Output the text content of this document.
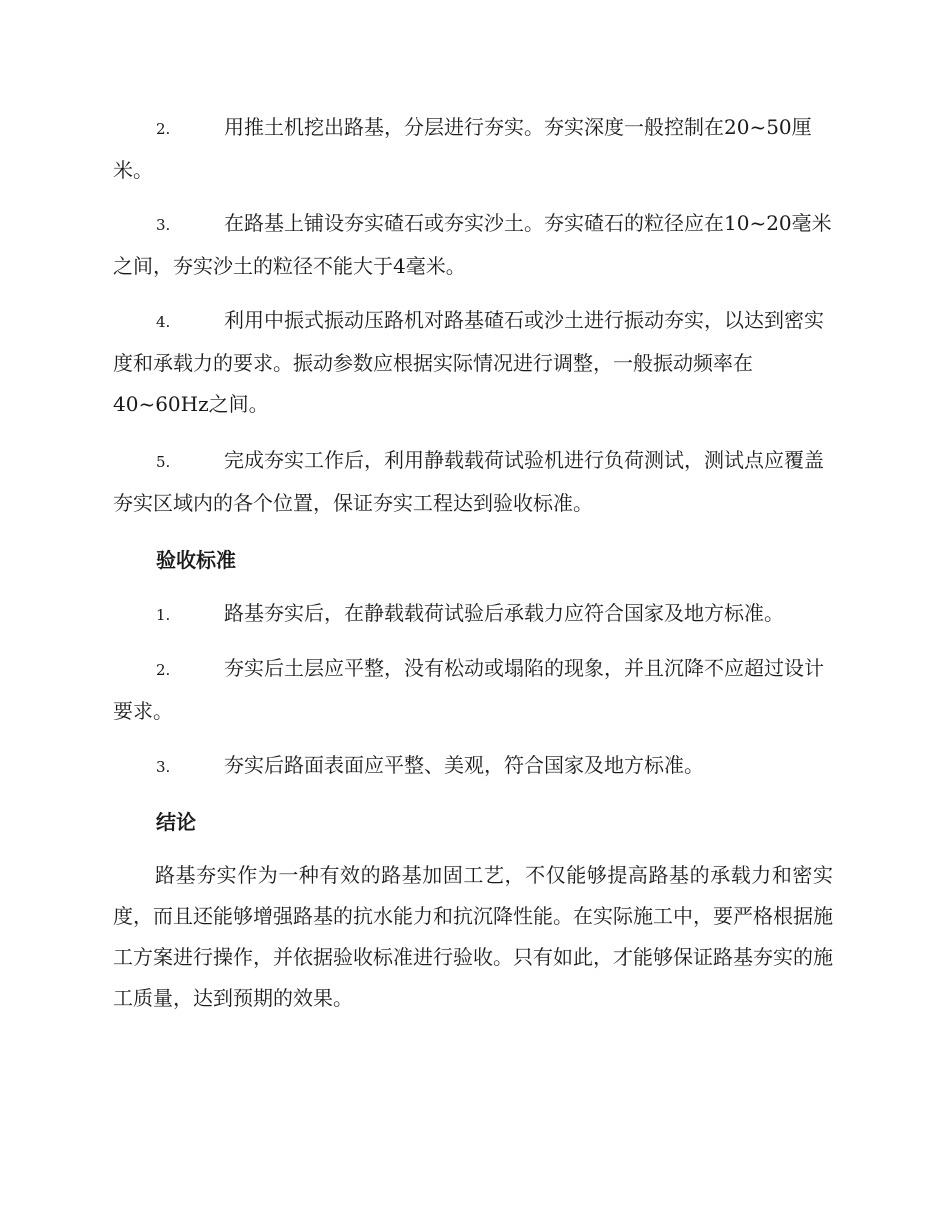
2.	用推土机挖出路基，分层进行夯实。夯实深度一般控制在20~50厘米。
3.	在路基上铺设夯实碴石或夯实沙土。夯实碴石的粒径应在10~20毫米之间，夯实沙土的粒径不能大于4毫米。
4.	利用中振式振动压路机对路基碴石或沙土进行振动夯实，以达到密实度和承载力的要求。振动参数应根据实际情况进行调整，一般振动频率在40~60Hz之间。
5.	完成夯实工作后，利用静载载荷试验机进行负荷测试，测试点应覆盖夯实区域内的各个位置，保证夯实工程达到验收标准。
验收标准
1.	路基夯实后，在静载载荷试验后承载力应符合国家及地方标准。
2.	夯实后土层应平整，没有松动或塌陷的现象，并且沉降不应超过设计要求。
3.	夯实后路面表面应平整、美观，符合国家及地方标准。
结论
路基夯实作为一种有效的路基加固工艺，不仅能够提高路基的承载力和密实度，而且还能够增强路基的抗水能力和抗沉降性能。在实际施工中，要严格根据施工方案进行操作，并依据验收标准进行验收。只有如此，才能够保证路基夯实的施工质量，达到预期的效果。
